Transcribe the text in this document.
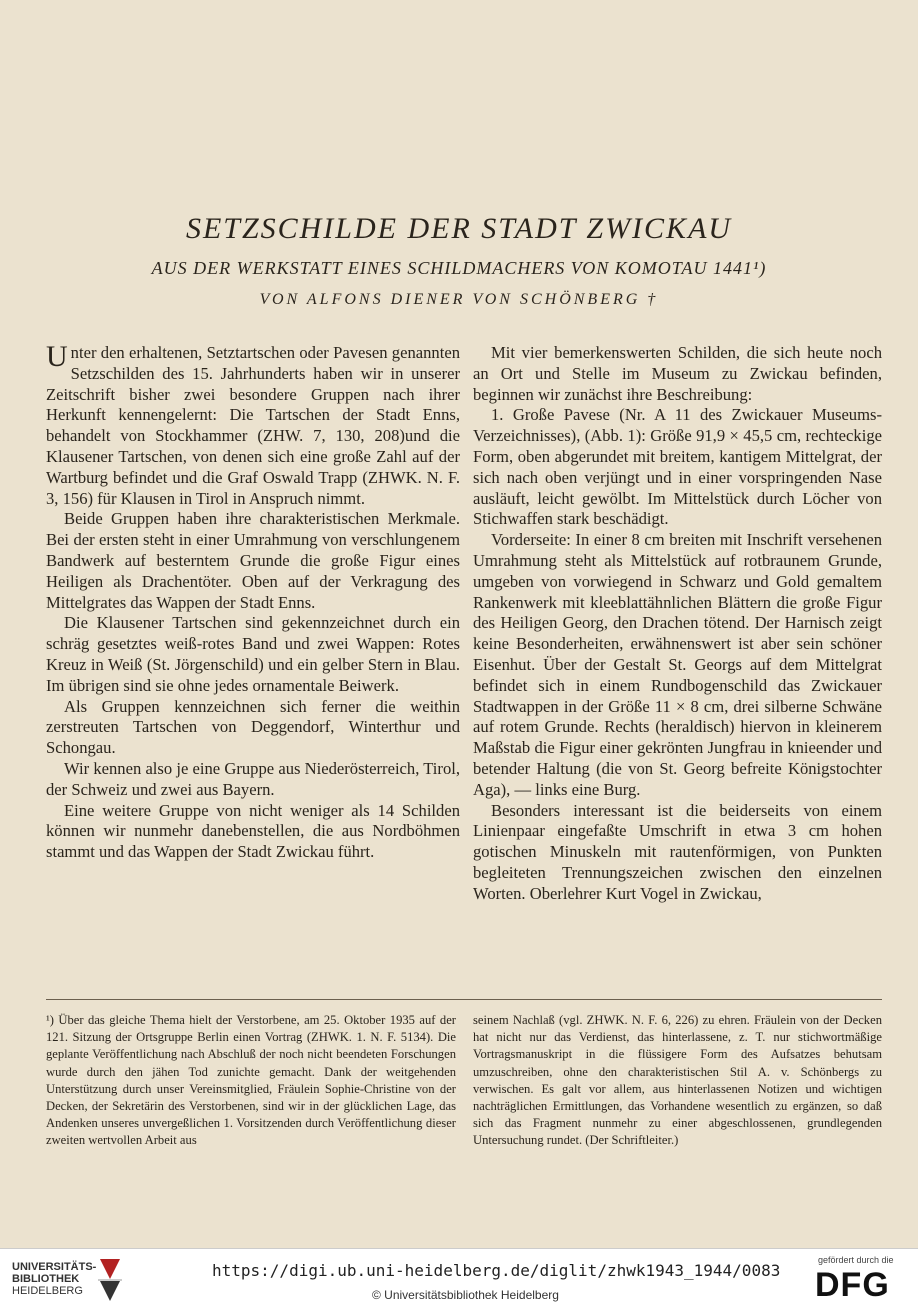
SETZSCHILDE DER STADT ZWICKAU
AUS DER WERKSTATT EINES SCHILDMACHERS VON KOMOTAU 1441¹)
VON ALFONS DIENER VON SCHÖNBERG †

Unter den erhaltenen, Setztartschen oder Pavesen genannten Setzschilden des 15. Jahrhunderts haben wir in unserer Zeitschrift bisher zwei besondere Gruppen nach ihrer Herkunft kennengelernt: Die Tartschen der Stadt Enns, behandelt von Stockhammer (ZHW. 7, 130, 208)und die Klausener Tartschen, von denen sich eine große Zahl auf der Wartburg befindet und die Graf Oswald Trapp (ZHWK. N. F. 3, 156) für Klausen in Tirol in Anspruch nimmt.

Beide Gruppen haben ihre charakteristischen Merkmale. Bei der ersten steht in einer Umrahmung von verschlungenem Bandwerk auf besterntem Grunde die große Figur eines Heiligen als Drachentöter. Oben auf der Verkragung des Mittelgrates das Wappen der Stadt Enns.

Die Klausener Tartschen sind gekennzeichnet durch ein schräg gesetztes weiß-rotes Band und zwei Wappen: Rotes Kreuz in Weiß (St. Jörgenschild) und ein gelber Stern in Blau. Im übrigen sind sie ohne jedes ornamentale Beiwerk.

Als Gruppen kennzeichnen sich ferner die weithin zerstreuten Tartschen von Deggendorf, Winterthur und Schongau.

Wir kennen also je eine Gruppe aus Niederösterreich, Tirol, der Schweiz und zwei aus Bayern.

Eine weitere Gruppe von nicht weniger als 14 Schilden können wir nunmehr danebenstellen, die aus Nordböhmen stammt und das Wappen der Stadt Zwickau führt.

Mit vier bemerkenswerten Schilden, die sich heute noch an Ort und Stelle im Museum zu Zwickau befinden, beginnen wir zunächst ihre Beschreibung:

1. Große Pavese (Nr. A 11 des Zwickauer Museums-Verzeichnisses), (Abb. 1): Größe 91,9 × 45,5 cm, rechteckige Form, oben abgerundet mit breitem, kantigem Mittelgrat, der sich nach oben verjüngt und in einer vorspringenden Nase ausläuft, leicht gewölbt. Im Mittelstück durch Löcher von Stichwaffen stark beschädigt.

Vorderseite: In einer 8 cm breiten mit Inschrift versehenen Umrahmung steht als Mittelstück auf rotbraunem Grunde, umgeben von vorwiegend in Schwarz und Gold gemaltem Rankenwerk mit kleeblattähnlichen Blättern die große Figur des Heiligen Georg, den Drachen tötend. Der Harnisch zeigt keine Besonderheiten, erwähnenswert ist aber sein schöner Eisenhut. Über der Gestalt St. Georgs auf dem Mittelgrat befindet sich in einem Rundbogenschild das Zwickauer Stadtwappen in der Größe 11 × 8 cm, drei silberne Schwäne auf rotem Grunde. Rechts (heraldisch) hiervon in kleinerem Maßstab die Figur einer gekrönten Jungfrau in knieender und betender Haltung (die von St. Georg befreite Königstochter Aga), — links eine Burg.

Besonders interessant ist die beiderseits von einem Linienpaar eingefaßte Umschrift in etwa 3 cm hohen gotischen Minuskeln mit rautenförmigen, von Punkten begleiteten Trennungszeichen zwischen den einzelnen Worten. Oberlehrer Kurt Vogel in Zwickau,

¹) Über das gleiche Thema hielt der Verstorbene, am 25. Oktober 1935 auf der 121. Sitzung der Ortsgruppe Berlin einen Vortrag (ZHWK. 1. N. F. 5134). Die geplante Veröffentlichung nach Abschluß der noch nicht beendeten Forschungen wurde durch den jähen Tod zunichte gemacht. Dank der weitgehenden Unterstützung durch unser Vereinsmitglied, Fräulein Sophie-Christine von der Decken, der Sekretärin des Verstorbenen, sind wir in der glücklichen Lage, das Andenken unseres unvergeßlichen 1. Vorsitzenden durch Veröffentlichung dieser zweiten wertvollen Arbeit aus

seinem Nachlaß (vgl. ZHWK. N. F. 6, 226) zu ehren. Fräulein von der Decken hat nicht nur das Verdienst, das hinterlassene, z. T. nur stichwortmäßige Vortragsmanuskript in die flüssigere Form des Aufsatzes behutsam umzuschreiben, ohne den charakteristischen Stil A. v. Schönbergs zu verwischen. Es galt vor allem, aus hinterlassenen Notizen und wichtigen nachträglichen Ermittlungen, das Vorhandene wesentlich zu ergänzen, so daß sich das Fragment nunmehr zu einer abgeschlossenen, grundlegenden Untersuchung rundet. (Der Schriftleiter.)

UNIVERSITÄTS-
BIBLIOTHEK
HEIDELBERG
https://digi.ub.uni-heidelberg.de/diglit/zhwk1943_1944/0083
© Universitätsbibliothek Heidelberg
gefördert durch die
DFG
